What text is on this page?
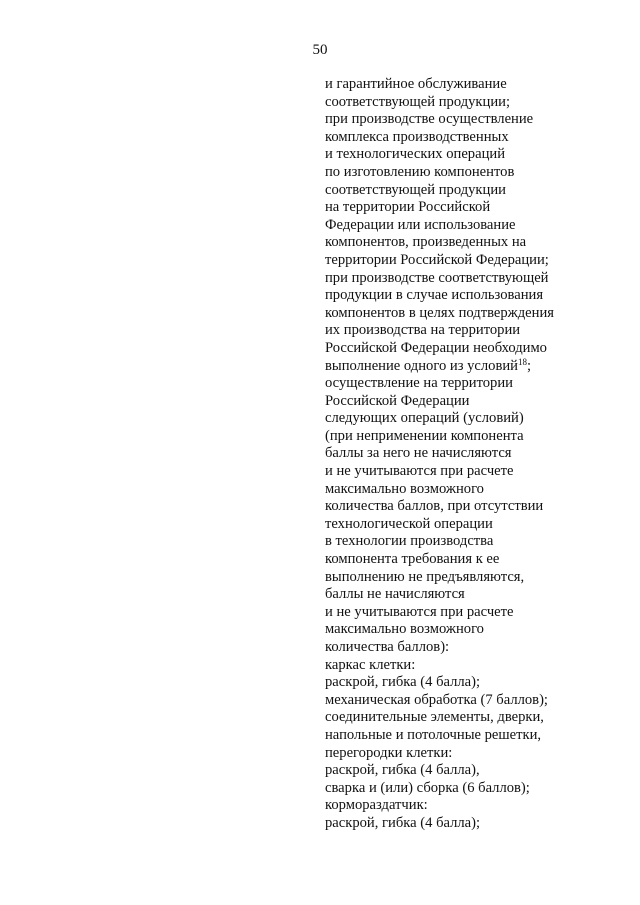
50
и гарантийное обслуживание
соответствующей продукции;
при производстве осуществление
комплекса производственных
и технологических операций
по изготовлению компонентов
соответствующей продукции
на территории Российской
Федерации или использование
компонентов, произведенных на
территории Российской Федерации;
при производстве соответствующей
продукции в случае использования
компонентов в целях подтверждения
их производства на территории
Российской Федерации необходимо
выполнение одного из условий$^{18}$;
осуществление на территории
Российской Федерации
следующих операций (условий)
(при неприменении компонента
баллы за него не начисляются
и не учитываются при расчете
максимально возможного
количества баллов, при отсутствии
технологической операции
в технологии производства
компонента требования к ее
выполнению не предъявляются,
баллы не начисляются
и не учитываются при расчете
максимально возможного
количества баллов):
каркас клетки:
раскрой, гибка (4 балла);
механическая обработка (7 баллов);
соединительные элементы, дверки,
напольные и потолочные решетки,
перегородки клетки:
раскрой, гибка (4 балла),
сварка и (или) сборка (6 баллов);
кормораздатчик:
раскрой, гибка (4 балла);
